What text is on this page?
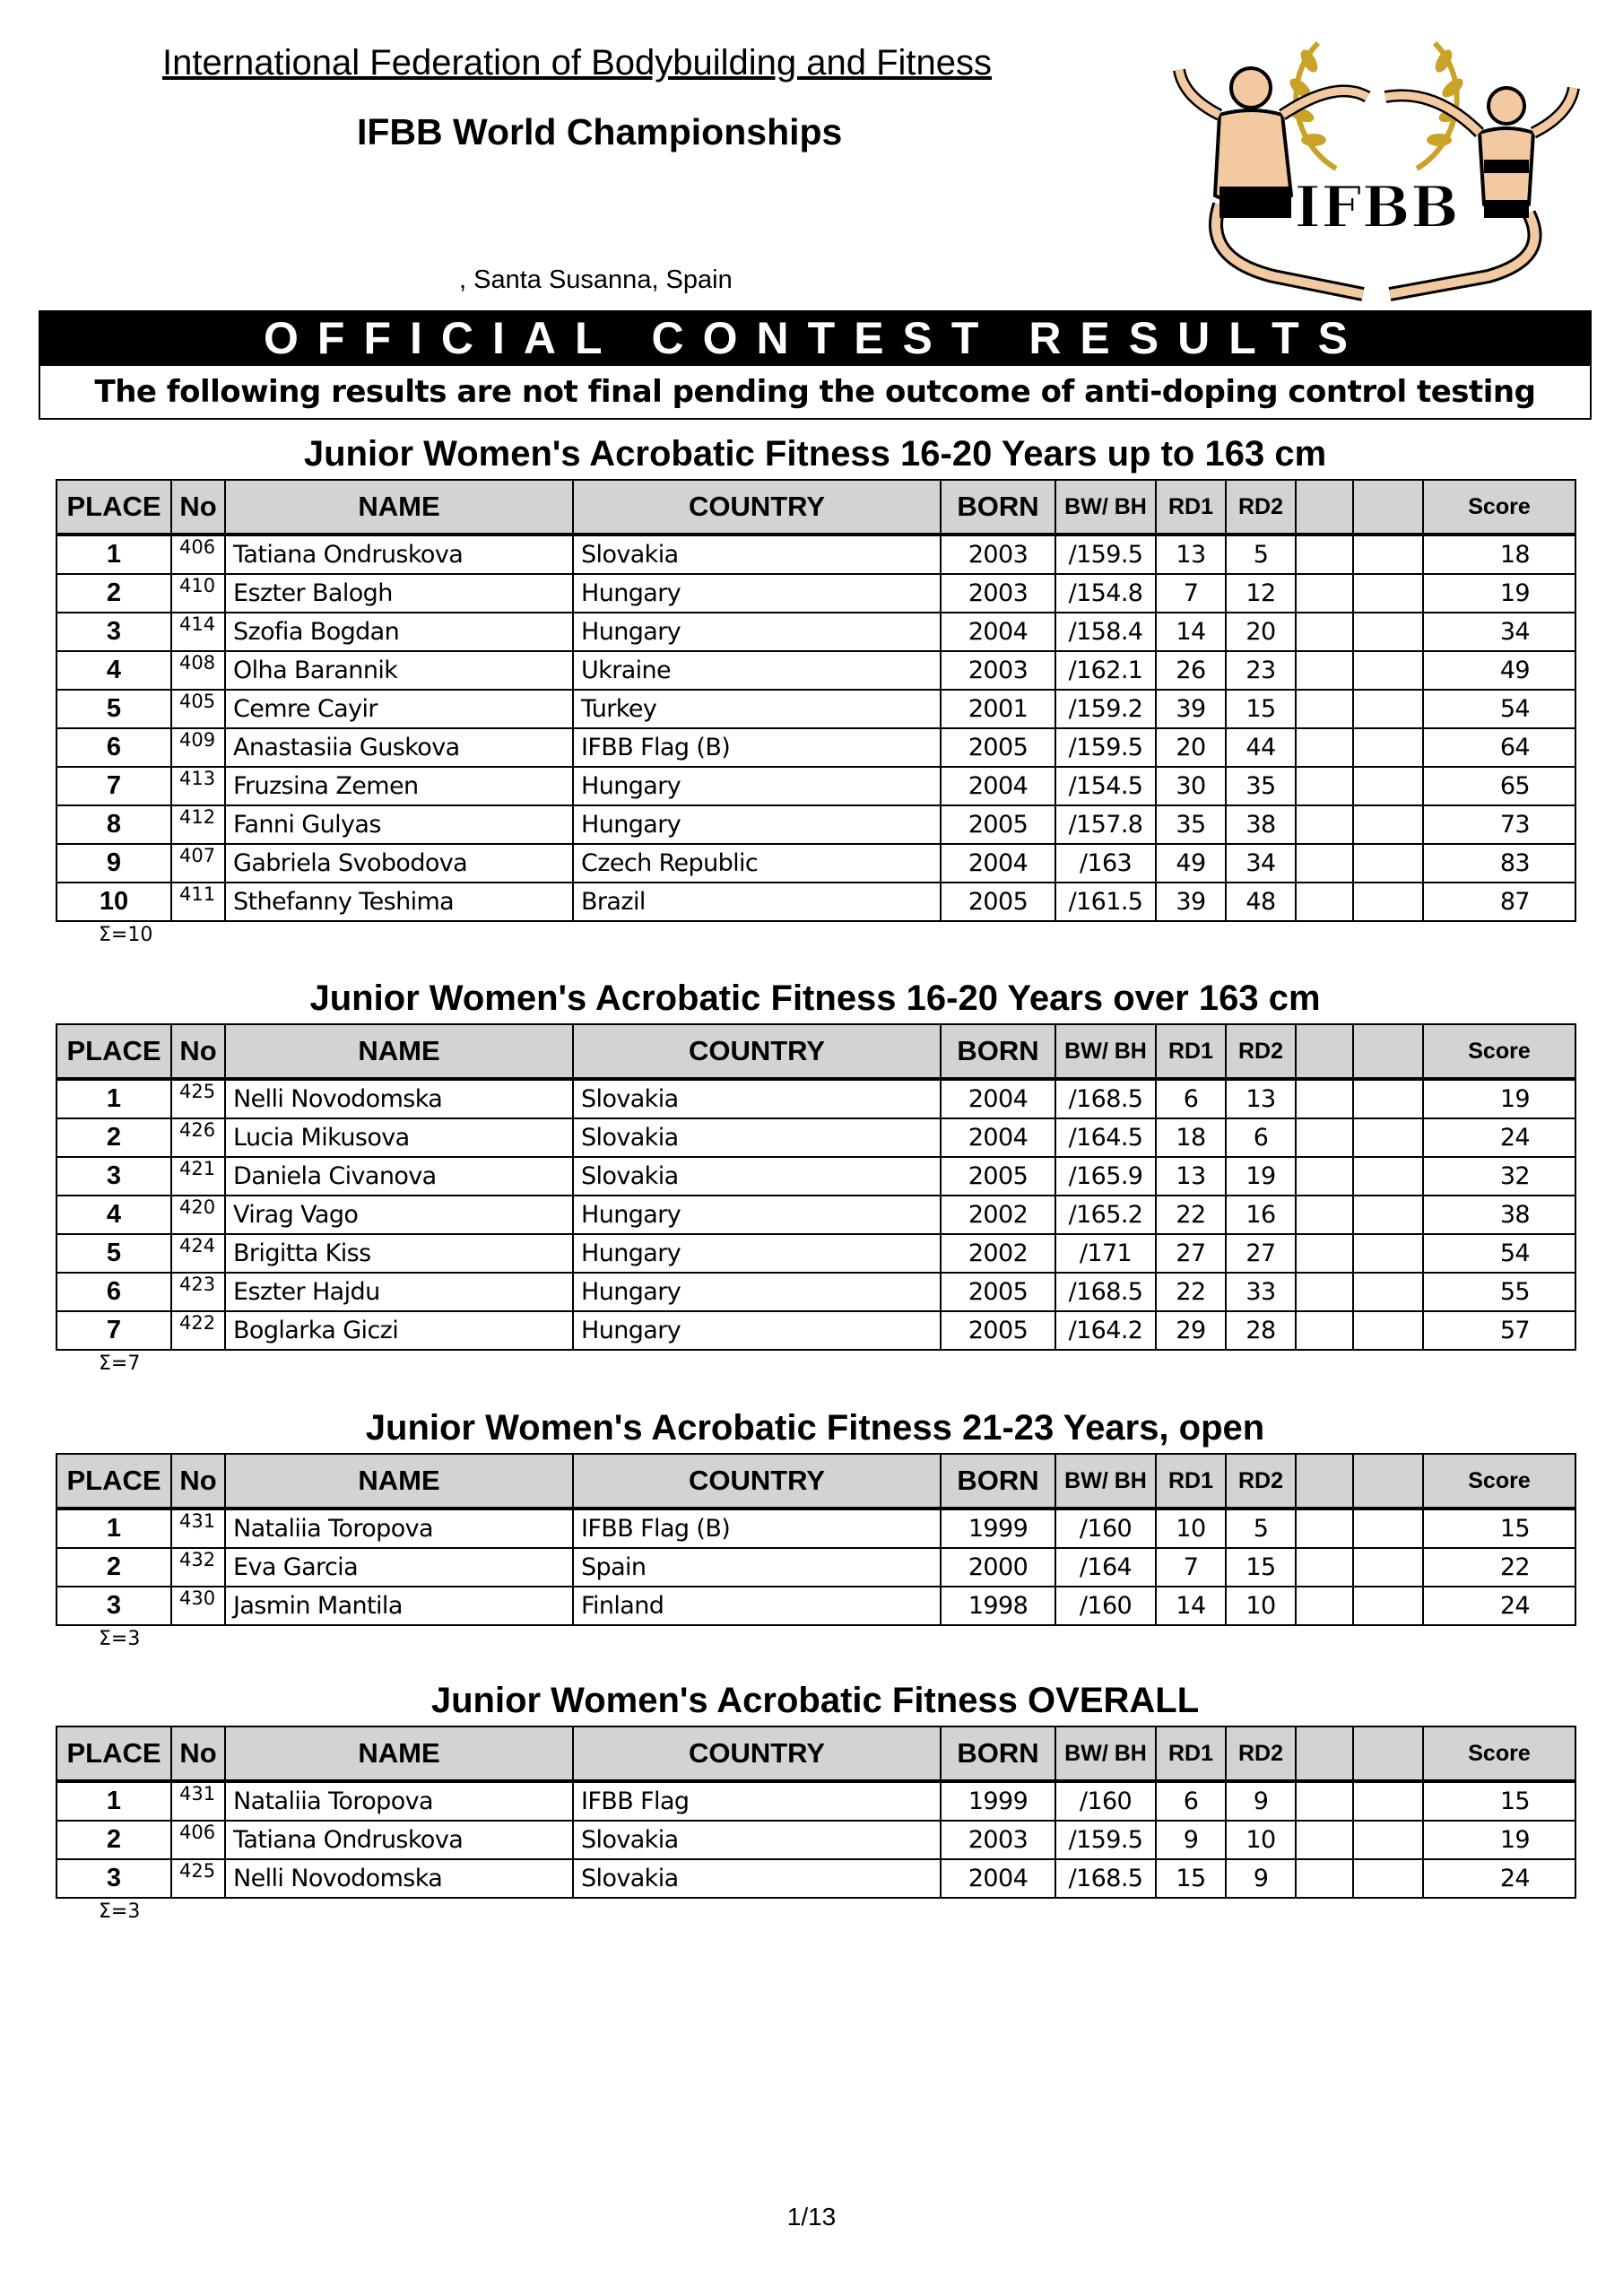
International Federation of Bodybuilding and Fitness
IFBB World Championships
, Santa Susanna, Spain
IFBB
OFFICIAL CONTEST RESULTS
The following results are not final pending the outcome of anti-doping control testing
Junior Women's Acrobatic Fitness 16-20 Years up to 163 cm
PLACE	No	NAME	COUNTRY	BORN	BW/ BH	RD1	RD2			Score
1	406	Tatiana Ondruskova	Slovakia	2003	/159.5	13	5			18
2	410	Eszter Balogh	Hungary	2003	/154.8	7	12			19
3	414	Szofia Bogdan	Hungary	2004	/158.4	14	20			34
4	408	Olha Barannik	Ukraine	2003	/162.1	26	23			49
5	405	Cemre Cayir	Turkey	2001	/159.2	39	15			54
6	409	Anastasiia Guskova	IFBB Flag (B)	2005	/159.5	20	44			64
7	413	Fruzsina Zemen	Hungary	2004	/154.5	30	35			65
8	412	Fanni Gulyas	Hungary	2005	/157.8	35	38			73
9	407	Gabriela Svobodova	Czech Republic	2004	/163	49	34			83
10	411	Sthefanny Teshima	Brazil	2005	/161.5	39	48			87
Σ=10
Junior Women's Acrobatic Fitness 16-20 Years over 163 cm
PLACE	No	NAME	COUNTRY	BORN	BW/ BH	RD1	RD2			Score
1	425	Nelli Novodomska	Slovakia	2004	/168.5	6	13			19
2	426	Lucia Mikusova	Slovakia	2004	/164.5	18	6			24
3	421	Daniela Civanova	Slovakia	2005	/165.9	13	19			32
4	420	Virag Vago	Hungary	2002	/165.2	22	16			38
5	424	Brigitta Kiss	Hungary	2002	/171	27	27			54
6	423	Eszter Hajdu	Hungary	2005	/168.5	22	33			55
7	422	Boglarka Giczi	Hungary	2005	/164.2	29	28			57
Σ=7
Junior Women's Acrobatic Fitness 21-23 Years, open
PLACE	No	NAME	COUNTRY	BORN	BW/ BH	RD1	RD2			Score
1	431	Nataliia Toropova	IFBB Flag (B)	1999	/160	10	5			15
2	432	Eva Garcia	Spain	2000	/164	7	15			22
3	430	Jasmin Mantila	Finland	1998	/160	14	10			24
Σ=3
Junior Women's Acrobatic Fitness OVERALL
PLACE	No	NAME	COUNTRY	BORN	BW/ BH	RD1	RD2			Score
1	431	Nataliia Toropova	IFBB Flag	1999	/160	6	9			15
2	406	Tatiana Ondruskova	Slovakia	2003	/159.5	9	10			19
3	425	Nelli Novodomska	Slovakia	2004	/168.5	15	9			24
Σ=3
1/13
